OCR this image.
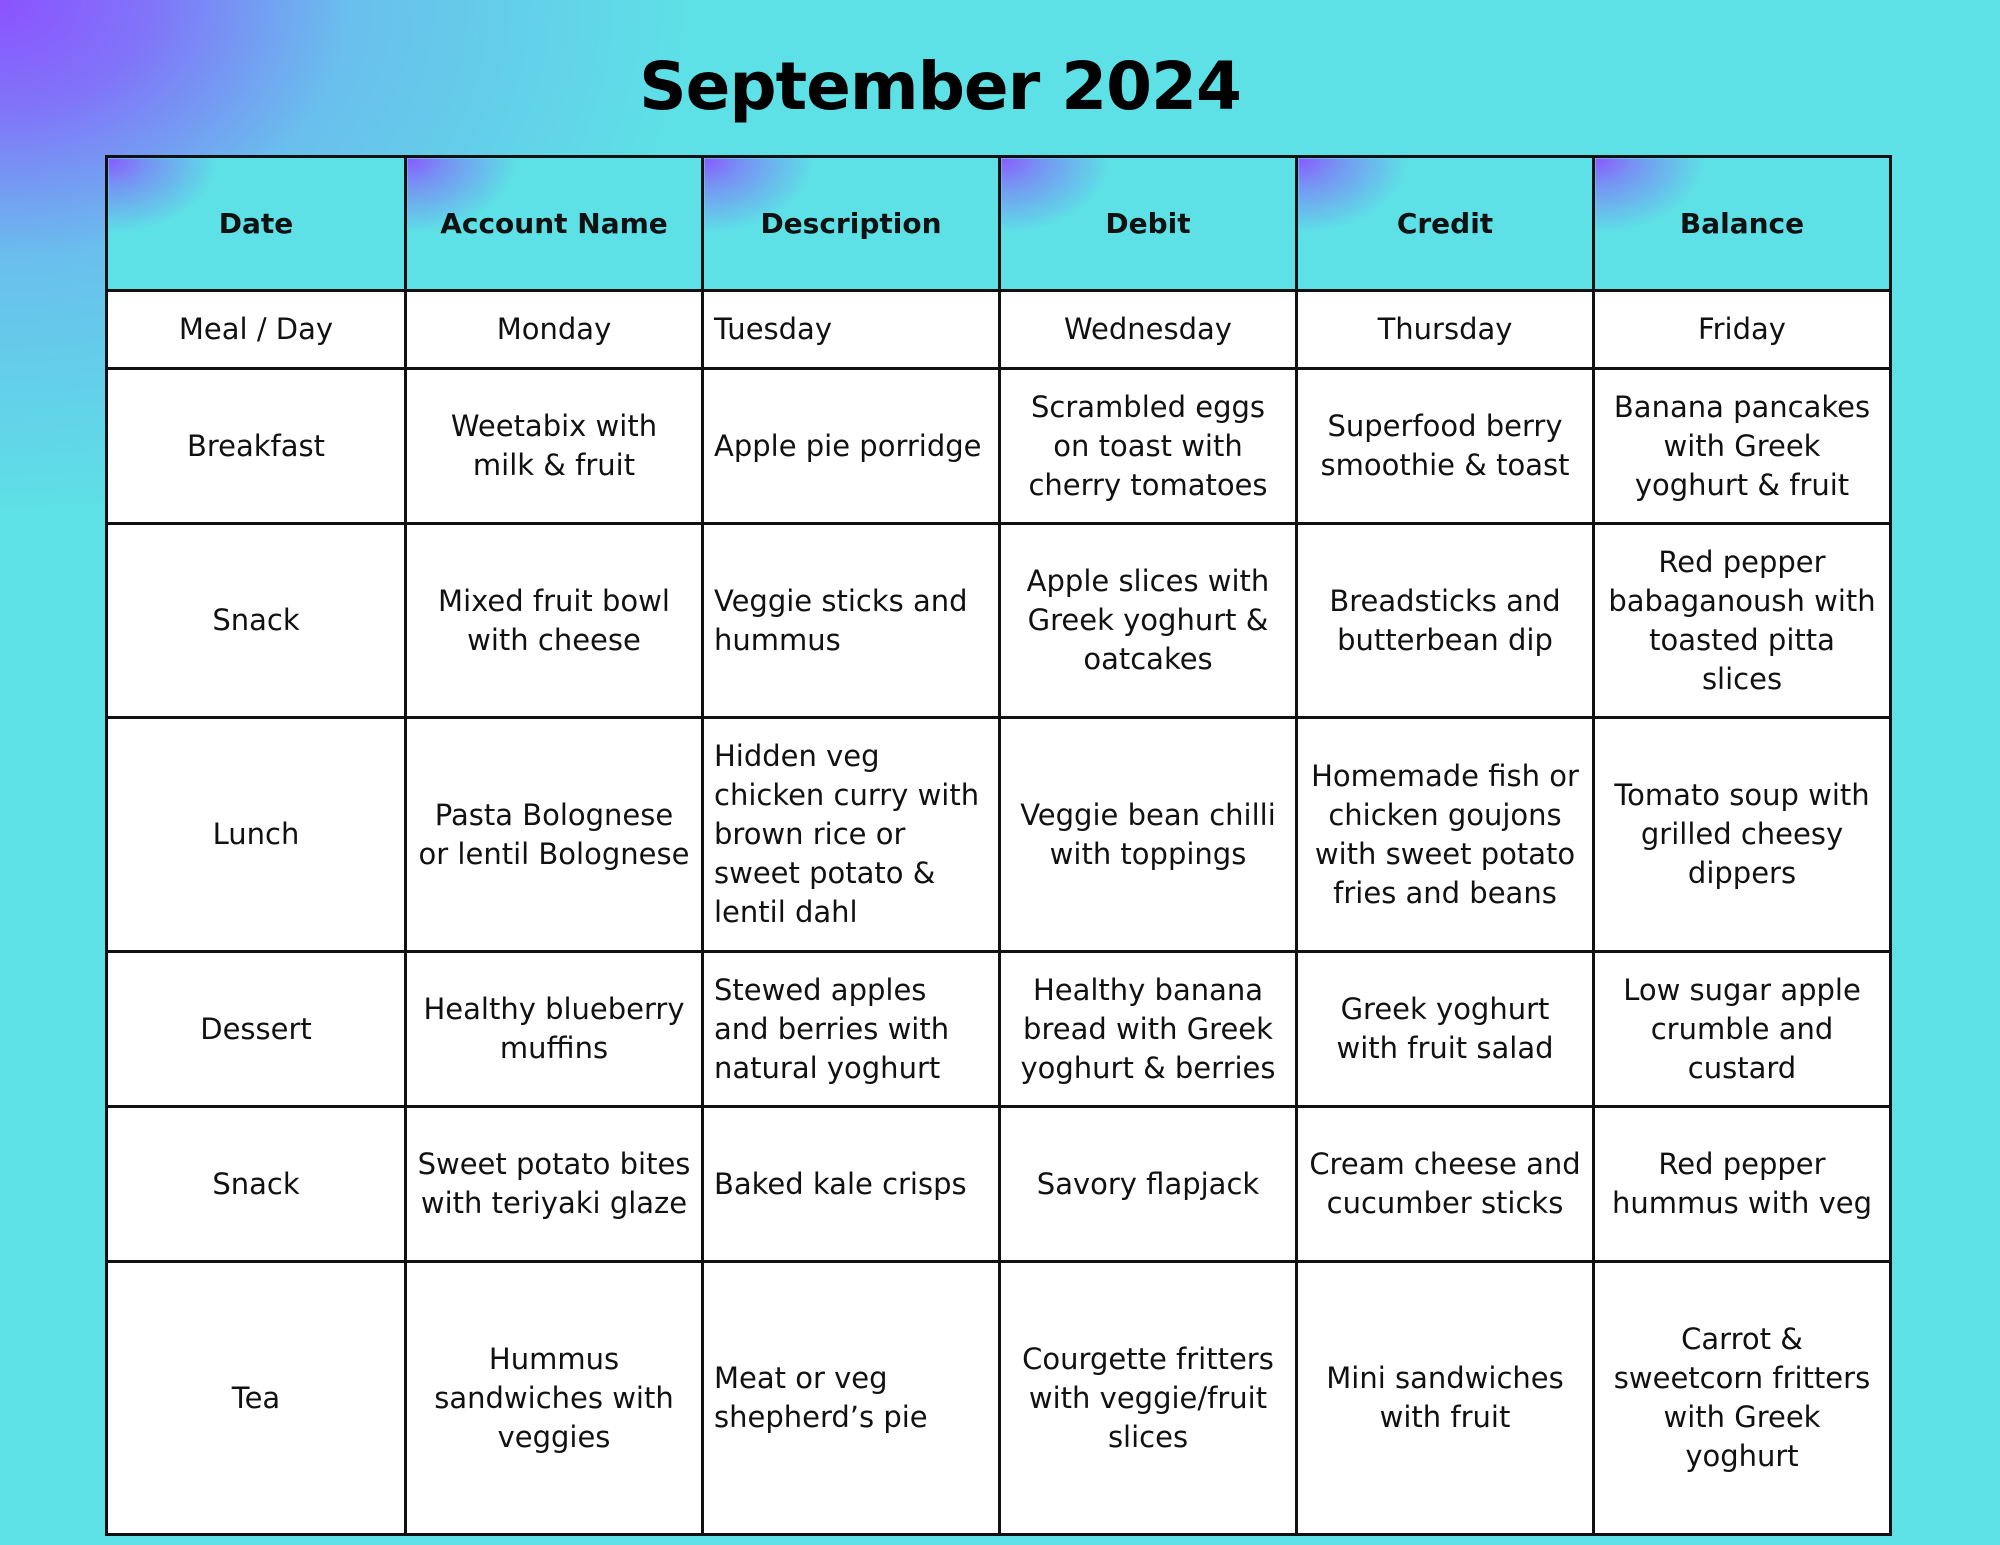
September 2024
Date	Account Name	Description	Debit	Credit	Balance
Meal / Day	Monday	Tuesday	Wednesday	Thursday	Friday
Breakfast	Weetabix with milk & fruit	Apple pie porridge	Scrambled eggs on toast with cherry tomatoes	Superfood berry smoothie & toast	Banana pancakes with Greek yoghurt & fruit
Snack	Mixed fruit bowl with cheese	Veggie sticks and hummus	Apple slices with Greek yoghurt & oatcakes	Breadsticks and butterbean dip	Red pepper babaganoush with toasted pitta slices
Lunch	Pasta Bolognese or lentil Bolognese	Hidden veg chicken curry with brown rice or sweet potato & lentil dahl	Veggie bean chilli with toppings	Homemade fish or chicken goujons with sweet potato fries and beans	Tomato soup with grilled cheesy dippers
Dessert	Healthy blueberry muffins	Stewed apples and berries with natural yoghurt	Healthy banana bread with Greek yoghurt & berries	Greek yoghurt with fruit salad	Low sugar apple crumble and custard
Snack	Sweet potato bites with teriyaki glaze	Baked kale crisps	Savory flapjack	Cream cheese and cucumber sticks	Red pepper hummus with veg
Tea	Hummus sandwiches with veggies	Meat or veg shepherd’s pie	Courgette fritters with veggie/fruit slices	Mini sandwiches with fruit	Carrot & sweetcorn fritters with Greek yoghurt
